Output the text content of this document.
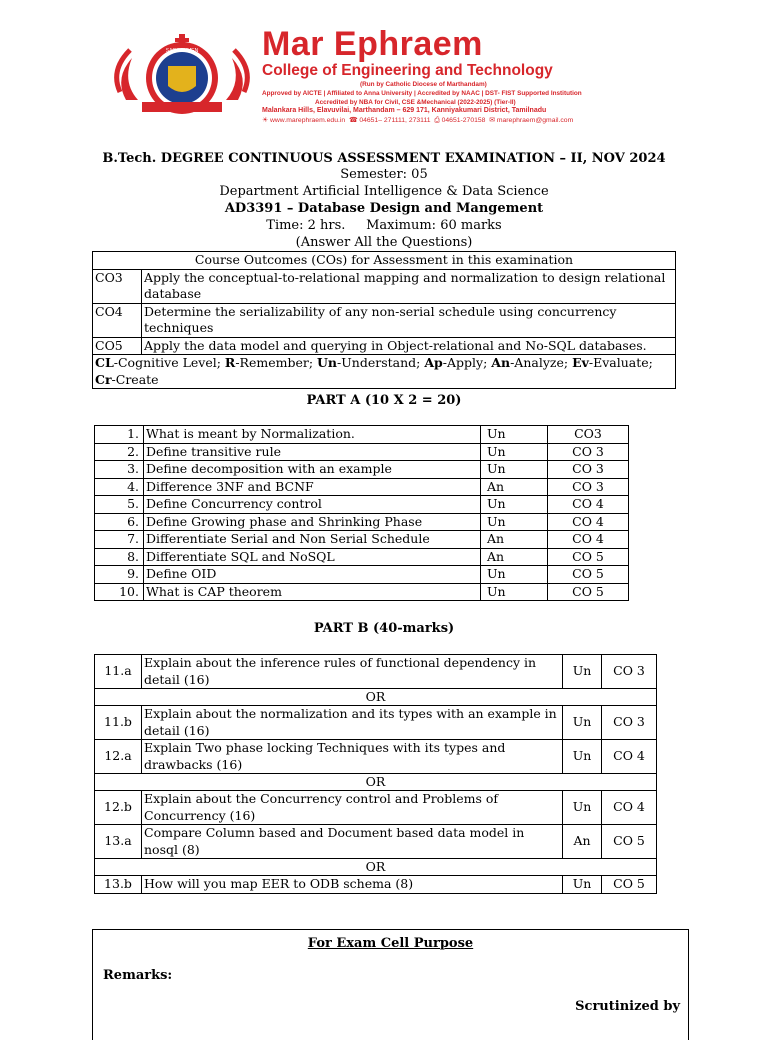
SAGA LUMEN Mar Ephraem
College of Engineering and Technology
(Run by Catholic Diocese of Marthandam)
Approved by AICTE | Affiliated to Anna University | Accredited by NAAC | DST- FIST Supported Institution
Accredited by NBA for Civil, CSE &Mechanical (2022-2025) (Tier-II)
Malankara Hills, Elavuvilai, Marthandam – 629 171, Kanniyakumari District, Tamilnadu
☀ www.marephraem.edu.in ☎ 04651– 271111, 273111 ⎙ 04651-270158 ✉ marephraem@gmail.com
B.Tech. DEGREE CONTINUOUS ASSESSMENT EXAMINATION – II, NOV 2024
Semester: 05
Department Artificial Intelligence & Data Science
AD3391 – Database Design and Mangement
Time: 2 hrs. Maximum: 60 marks
(Answer All the Questions)
Course Outcomes (COs) for Assessment in this examination	
CO3	Apply the conceptual-to-relational mapping and normalization to design relational database
CO4	Determine the serializability of any non-serial schedule using concurrency techniques
CO5	Apply the data model and querying in Object-relational and No-SQL databases.
CL-Cognitive Level; R-Remember; Un-Understand; Ap-Apply; An-Analyze; Ev-Evaluate;
Cr-Create	
PART A (10 X 2 = 20)
1.	What is meant by Normalization.	Un	CO3
2.	Define transitive rule	Un	CO 3
3.	Define decomposition with an example	Un	CO 3
4.	Difference 3NF and BCNF	An	CO 3
5.	Define Concurrency control	Un	CO 4
6.	Define Growing phase and Shrinking Phase	Un	CO 4
7.	Differentiate Serial and Non Serial Schedule	An	CO 4
8.	Differentiate SQL and NoSQL	An	CO 5
9.	Define OID	Un	CO 5
10.	What is CAP theorem	Un	CO 5
PART B (40-marks)
11.a	Explain about the inference rules of functional dependency in detail (16)	Un	CO 3
OR			
11.b	Explain about the normalization and its types with an example in detail (16)	Un	CO 3
12.a	Explain Two phase locking Techniques with its types and drawbacks (16)	Un	CO 4
OR			
12.b	Explain about the Concurrency control and Problems of Concurrency (16)	Un	CO 4
13.a	Compare Column based and Document based data model in nosql (8)	An	CO 5
OR			
13.b	How will you map EER to ODB schema (8)	Un	CO 5
For Exam Cell Purpose
Remarks:
Scrutinized by
